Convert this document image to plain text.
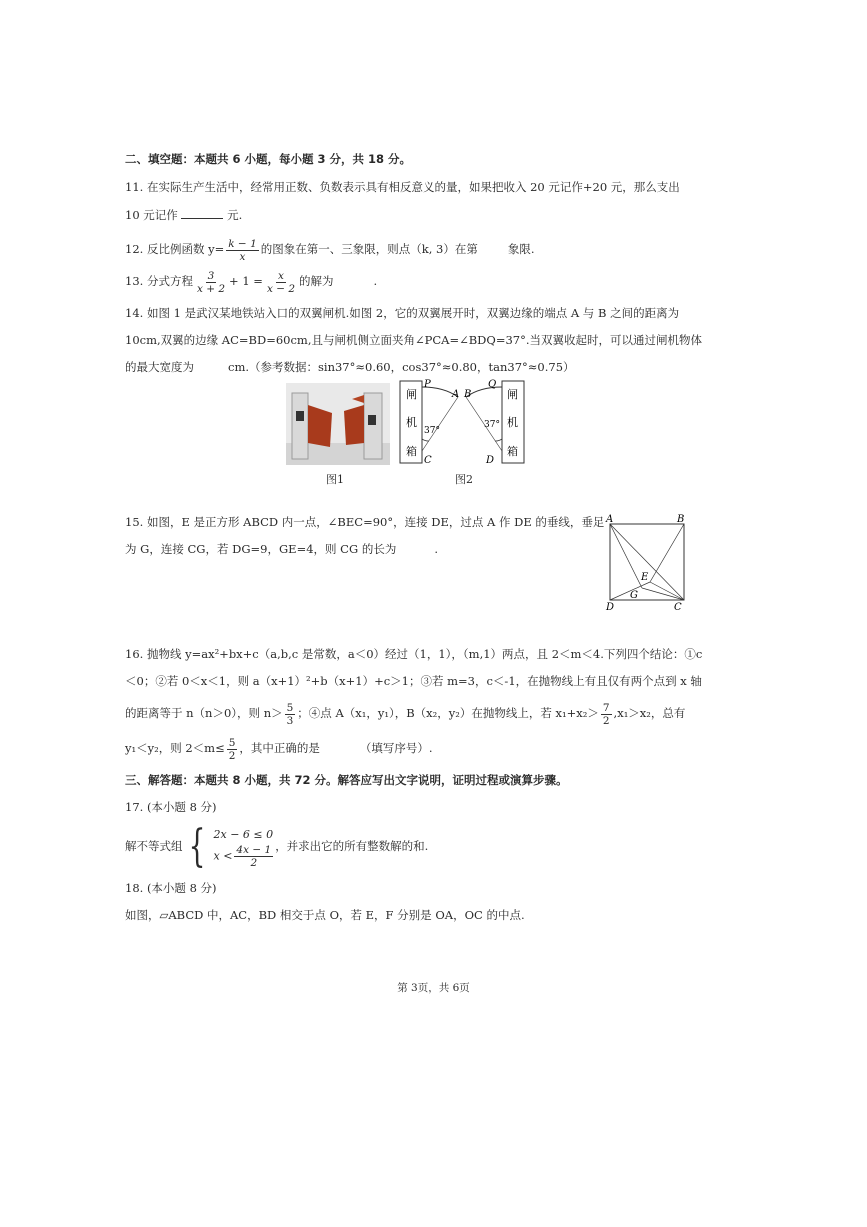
二、填空题：本题共 6 小题，每小题 3 分，共 18 分。
11. 在实际生产生活中，经常用正数、负数表示具有相反意义的量，如果把收入 20 元记作+20 元，那么支出
10 元记作	元.
12. 反比例函数 $y= \frac{k - 1}{x}$ 的图象在第一、三象限，则点（k, 3）在第	象限.
13. 分式方程 $\frac{3}{x + 2} + 1 = \frac{x}{x - 2}$ 的解为	.
14. 如图 1 是武汉某地铁站入口的双翼闸机.如图 2，它的双翼展开时，双翼边缘的端点 A 与 B 之间的距离为
10cm,双翼的边缘 AC=BD=60cm,且与闸机侧立面夹角∠PCA=∠BDQ=37°.当双翼收起时，可以通过闸机物体
的最大宽度为	cm.（参考数据：sin37°≈0.60，cos37°≈0.80，tan37°≈0.75）
图1
闸
机
箱
闸
机
箱
P
A B
Q
37°
37°
C	D
图2
15. 如图，E 是正方形 ABCD 内一点，∠BEC=90°，连接 DE，过点 A 作 DE 的垂线，垂足
为 G，连接 CG，若 DG=9，GE=4，则 CG 的长为	.
A	B
C
D
E
G
16. 抛物线 y=ax²+bx+c（a,b,c 是常数，a＜0）经过（1，1），（m,1）两点，且 2＜m＜4.下列四个结论：①c
＜0；②若 0＜x＜1，则 a（x+1）²+b（x+1）+c＞1；③若 m=3，c＜-1，在抛物线上有且仅有两个点到 x 轴
的距离等于 n（n＞0），则 $n> \frac{5}{3}$ ；④点 A（x₁，y₁），B（x₂，y₂）在抛物线上，若 $x_1+x_2> \frac{7}{2} ,x_1>x_2$，总有
y₁＜y₂，则 $2<m\le \frac{5}{2}$ ，其中正确的是	（填写序号）.
三、解答题：本题共 8 小题，共 72 分。解答应写出文字说明，证明过程或演算步骤。
17. (本小题 8 分)
解不等式组 { 2x − 6 ≤ 0
$x < \frac{4x - 1}{2}$ ，并求出它的所有整数解的和.
18. (本小题 8 分)
如图，▱ABCD 中，AC，BD 相交于点 O，若 E，F 分别是 OA，OC 的中点.
第 3页，共 6页
